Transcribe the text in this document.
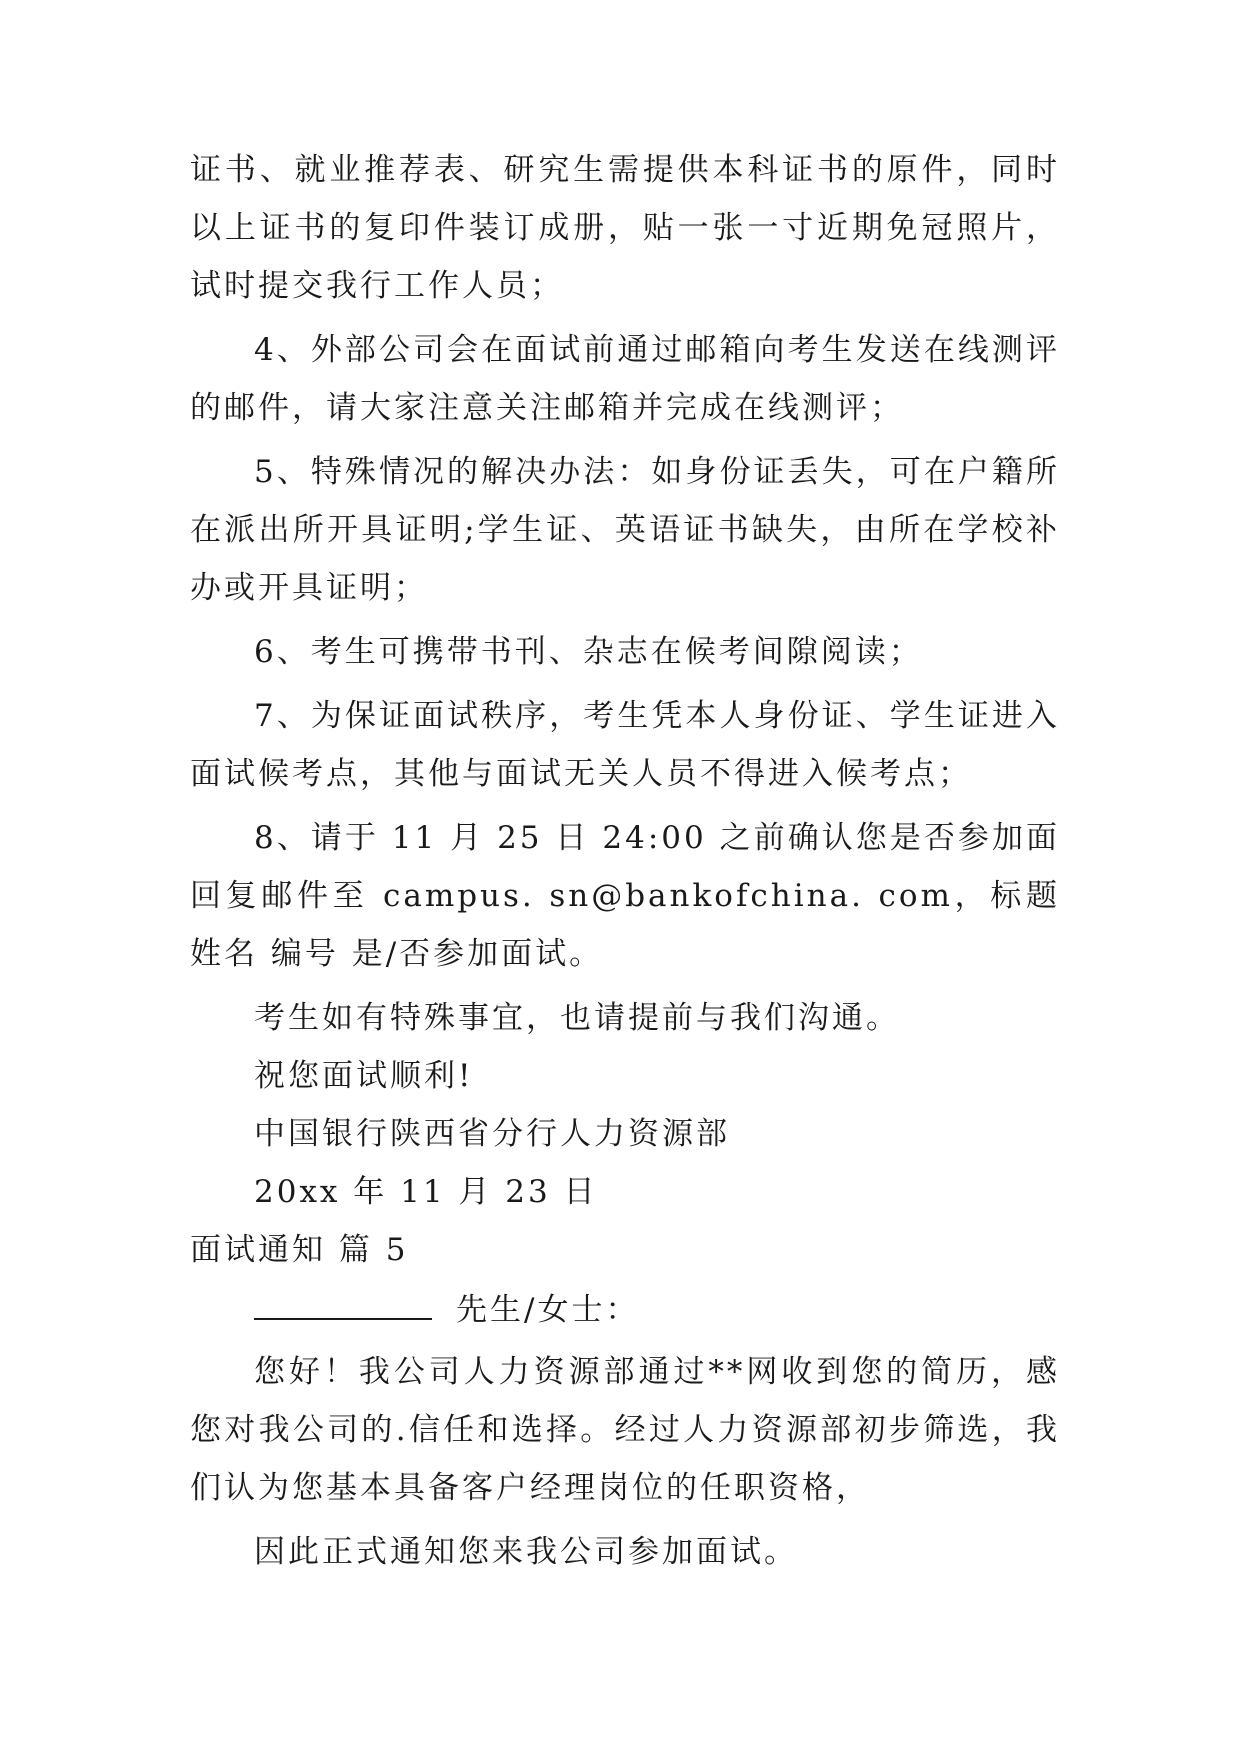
证书、就业推荐表、研究生需提供本科证书的原件，同时
以上证书的复印件装订成册，贴一张一寸近期免冠照片，
试时提交我行工作人员；
4、外部公司会在面试前通过邮箱向考生发送在线测评
的邮件，请大家注意关注邮箱并完成在线测评；
5、特殊情况的解决办法：如身份证丢失，可在户籍所
在派出所开具证明;学生证、英语证书缺失，由所在学校补
办或开具证明；
6、考生可携带书刊、杂志在候考间隙阅读；
7、为保证面试秩序，考生凭本人身份证、学生证进入
面试候考点，其他与面试无关人员不得进入候考点；
8、请于 11 月 25 日 24:00 之前确认您是否参加面
回复邮件至 campus. sn@bankofchina. com，标题
姓名 编号 是/否参加面试。
考生如有特殊事宜，也请提前与我们沟通。
祝您面试顺利!
中国银行陕西省分行人力资源部
20xx 年 11 月 23 日
面试通知 篇 5
先生/女士：
您好！我公司人力资源部通过**网收到您的简历，感
您对我公司的.信任和选择。经过人力资源部初步筛选，我
们认为您基本具备客户经理岗位的任职资格，
因此正式通知您来我公司参加面试。
